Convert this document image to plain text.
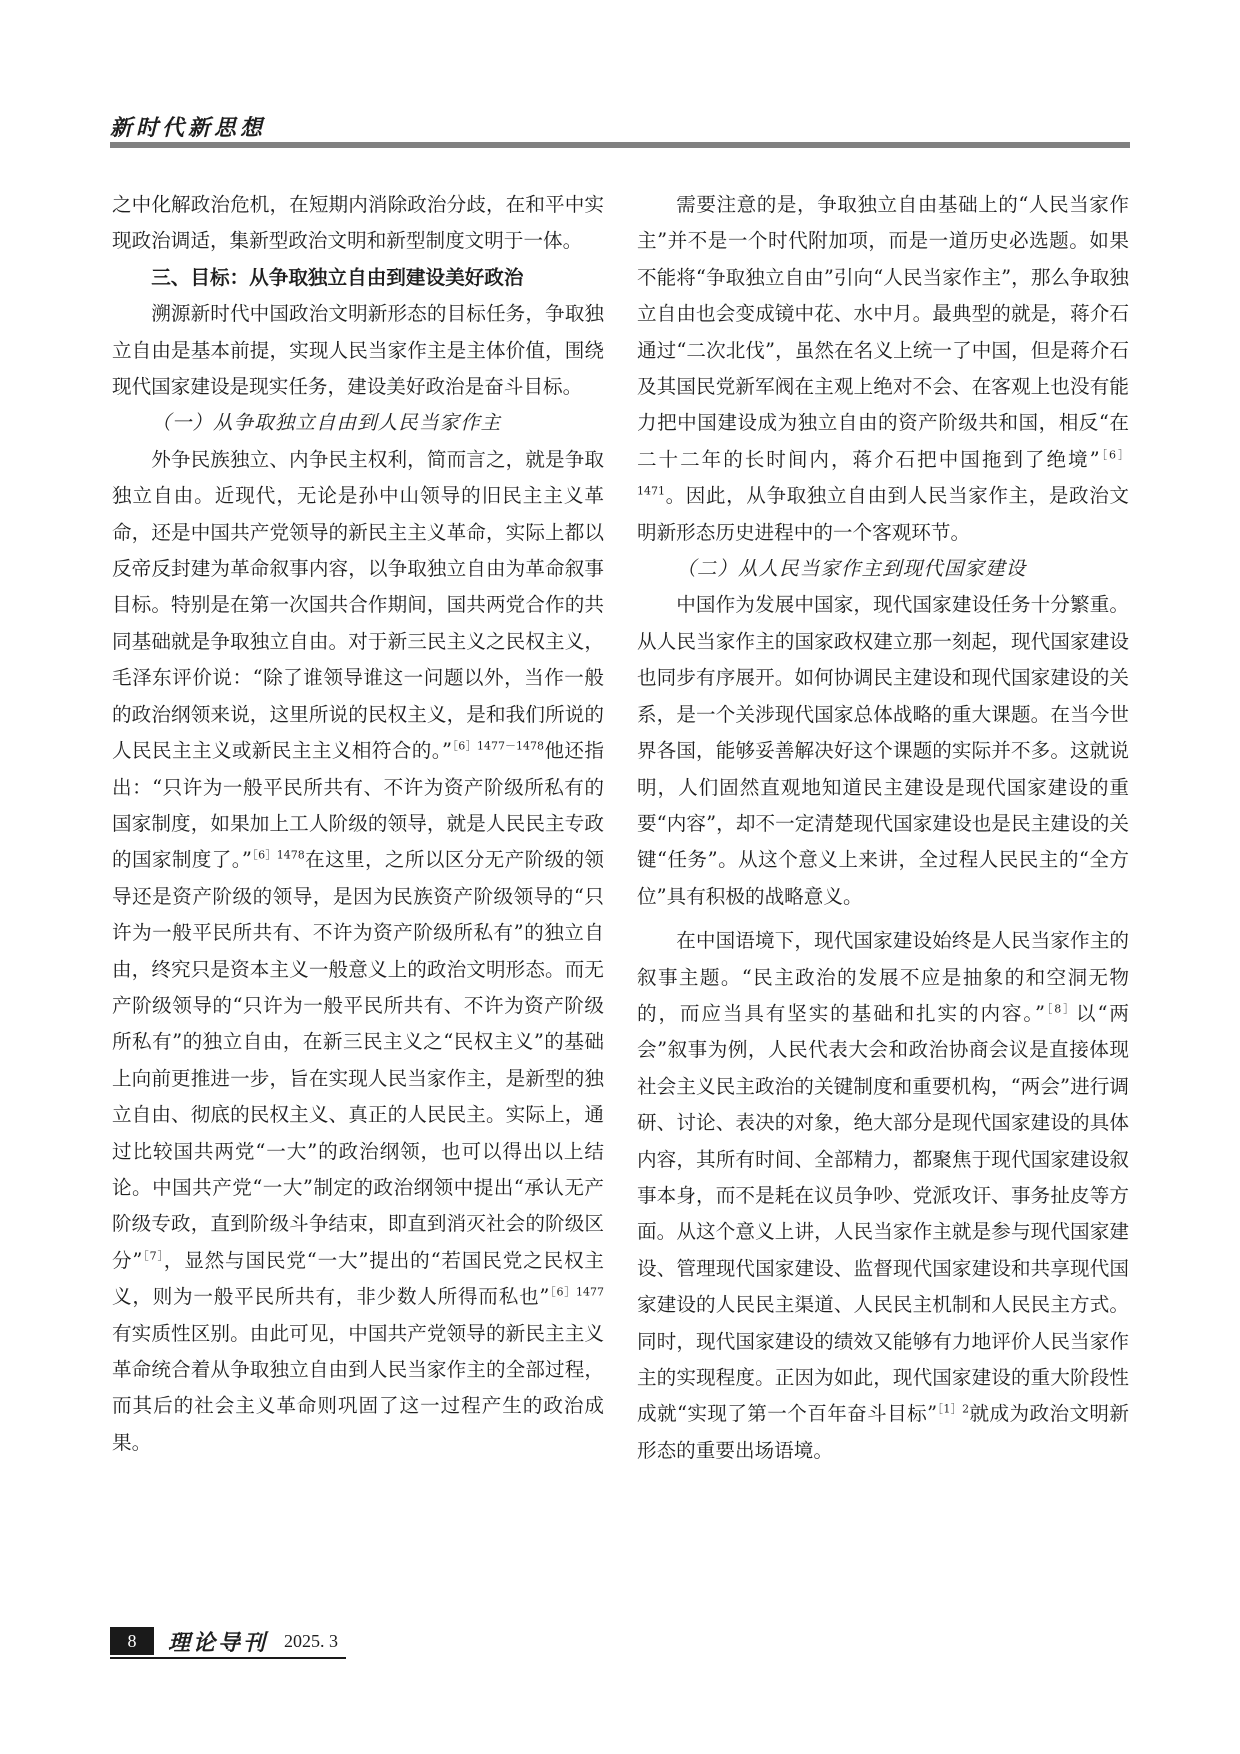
新时代新思想

之中化解政治危机，在短期内消除政治分歧，在和平中实现政治调适，集新型政治文明和新型制度文明于一体。

三、目标：从争取独立自由到建设美好政治

溯源新时代中国政治文明新形态的目标任务，争取独立自由是基本前提，实现人民当家作主是主体价值，围绕现代国家建设是现实任务，建设美好政治是奋斗目标。

（一）从争取独立自由到人民当家作主

外争民族独立、内争民主权利，简而言之，就是争取独立自由。近现代，无论是孙中山领导的旧民主主义革命，还是中国共产党领导的新民主主义革命，实际上都以反帝反封建为革命叙事内容，以争取独立自由为革命叙事目标。特别是在第一次国共合作期间，国共两党合作的共同基础就是争取独立自由。对于新三民主义之民权主义，毛泽东评价说：“除了谁领导谁这一问题以外，当作一般的政治纲领来说，这里所说的民权主义，是和我们所说的人民民主主义或新民主主义相符合的。”$^{[6]1477-1478}$他还指出：“只许为一般平民所共有、不许为资产阶级所私有的国家制度，如果加上工人阶级的领导，就是人民民主专政的国家制度了。”$^{[6]1478}$在这里，之所以区分无产阶级的领导还是资产阶级的领导，是因为民族资产阶级领导的“只许为一般平民所共有、不许为资产阶级所私有”的独立自由，终究只是资本主义一般意义上的政治文明形态。而无产阶级领导的“只许为一般平民所共有、不许为资产阶级所私有”的独立自由，在新三民主义之“民权主义”的基础上向前更推进一步，旨在实现人民当家作主，是新型的独立自由、彻底的民权主义、真正的人民民主。实际上，通过比较国共两党“一大”的政治纲领，也可以得出以上结论。中国共产党“一大”制定的政治纲领中提出“承认无产阶级专政，直到阶级斗争结束，即直到消灭社会的阶级区分”$^{[7]}$，显然与国民党“一大”提出的“若国民党之民权主义，则为一般平民所共有，非少数人所得而私也”$^{[6]1477}$有实质性区别。由此可见，中国共产党领导的新民主主义革命统合着从争取独立自由到人民当家作主的全部过程，而其后的社会主义革命则巩固了这一过程产生的政治成果。

需要注意的是，争取独立自由基础上的“人民当家作主”并不是一个时代附加项，而是一道历史必选题。如果不能将“争取独立自由”引向“人民当家作主”，那么争取独立自由也会变成镜中花、水中月。最典型的就是，蒋介石通过“二次北伐”，虽然在名义上统一了中国，但是蒋介石及其国民党新军阀在主观上绝对不会、在客观上也没有能力把中国建设成为独立自由的资产阶级共和国，相反“在二十二年的长时间内，蒋介石把中国拖到了绝境”$^{[6]1471}$。因此，从争取独立自由到人民当家作主，是政治文明新形态历史进程中的一个客观环节。

（二）从人民当家作主到现代国家建设

中国作为发展中国家，现代国家建设任务十分繁重。从人民当家作主的国家政权建立那一刻起，现代国家建设也同步有序展开。如何协调民主建设和现代国家建设的关系，是一个关涉现代国家总体战略的重大课题。在当今世界各国，能够妥善解决好这个课题的实际并不多。这就说明，人们固然直观地知道民主建设是现代国家建设的重要“内容”，却不一定清楚现代国家建设也是民主建设的关键“任务”。从这个意义上来讲，全过程人民民主的“全方位”具有积极的战略意义。

在中国语境下，现代国家建设始终是人民当家作主的叙事主题。“民主政治的发展不应是抽象的和空洞无物的，而应当具有坚实的基础和扎实的内容。”$^{[8]}$以“两会”叙事为例，人民代表大会和政治协商会议是直接体现社会主义民主政治的关键制度和重要机构，“两会”进行调研、讨论、表决的对象，绝大部分是现代国家建设的具体内容，其所有时间、全部精力，都聚焦于现代国家建设叙事本身，而不是耗在议员争吵、党派攻讦、事务扯皮等方面。从这个意义上讲，人民当家作主就是参与现代国家建设、管理现代国家建设、监督现代国家建设和共享现代国家建设的人民民主渠道、人民民主机制和人民民主方式。同时，现代国家建设的绩效又能够有力地评价人民当家作主的实现程度。正因为如此，现代国家建设的重大阶段性成就“实现了第一个百年奋斗目标”$^{[1]2}$就成为政治文明新形态的重要出场语境。

8	理论导刊 2025. 3
